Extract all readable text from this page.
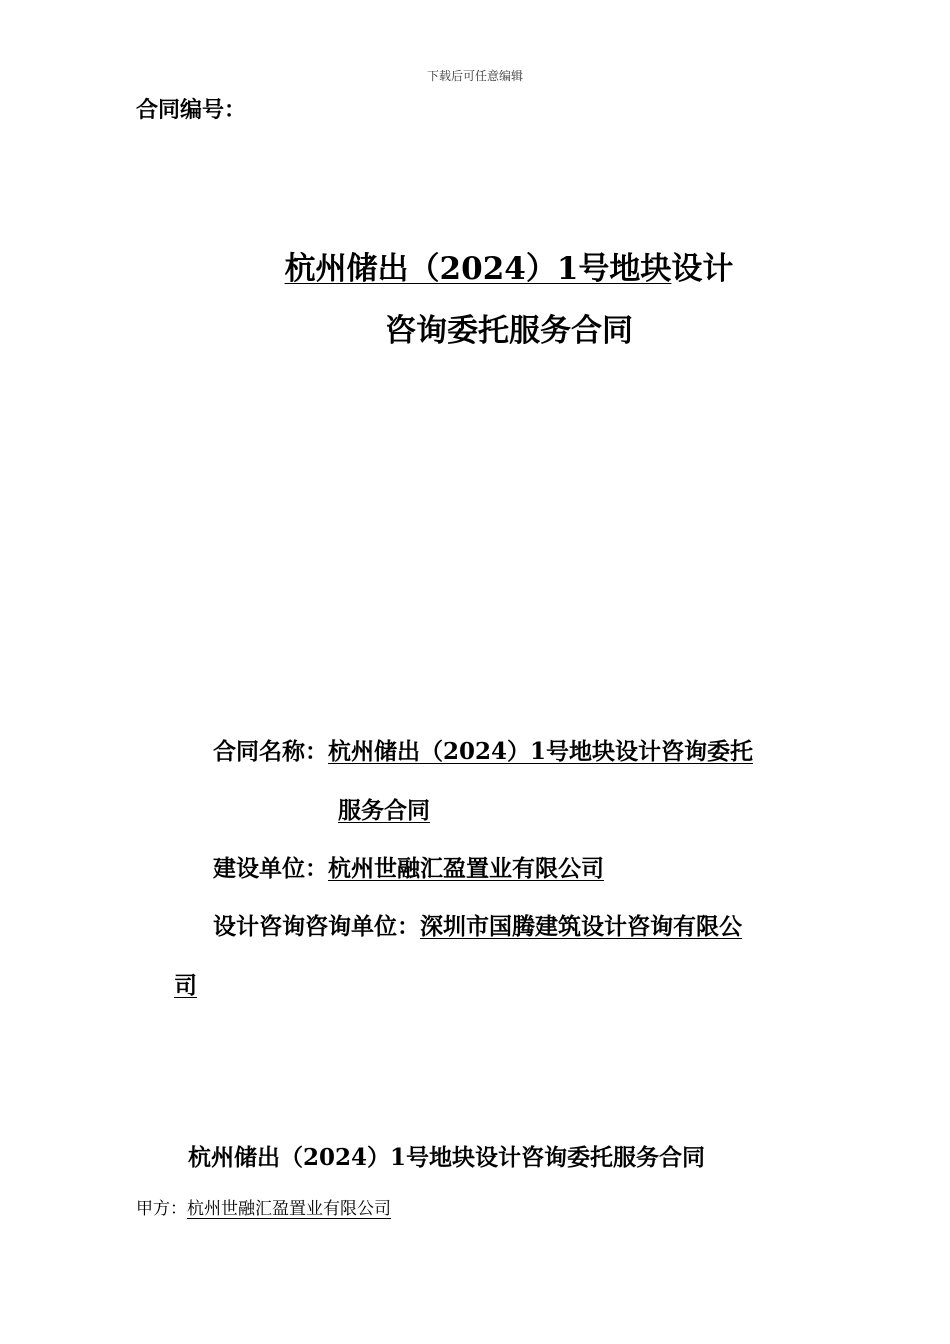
下载后可任意编辑
合同编号：
杭州储出（2024）1号地块设计
咨询委托服务合同
合同名称：杭州储出（2024）1号地块设计咨询委托
服务合同
建设单位：杭州世融汇盈置业有限公司
设计咨询咨询单位：深圳市国腾建筑设计咨询有限公
司
杭州储出（2024）1号地块设计咨询委托服务合同
甲方：杭州世融汇盈置业有限公司
